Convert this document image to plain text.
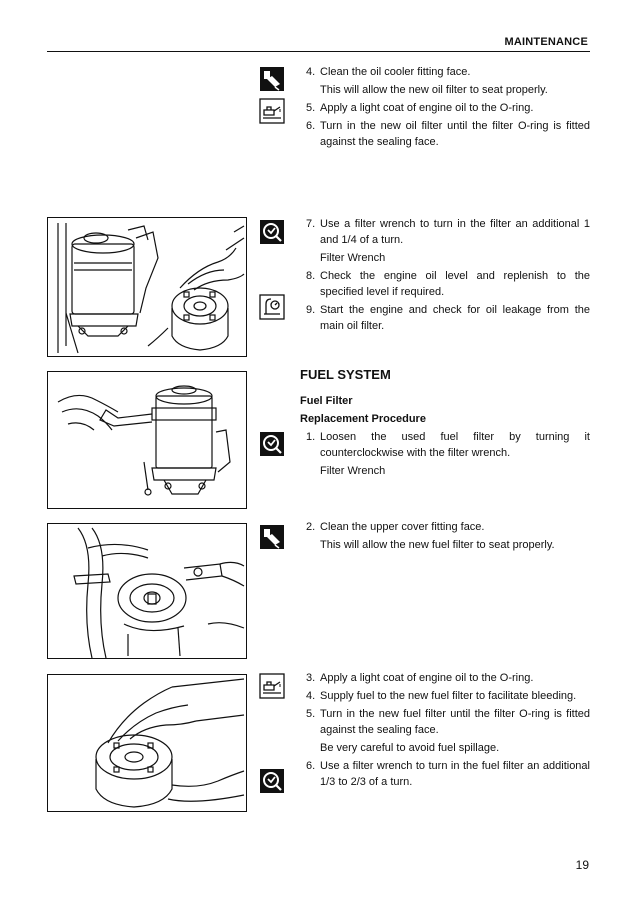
MAINTENANCE
4. Clean the oil cooler fitting face.
This will allow the new oil filter to seat properly.
5. Apply a light coat of engine oil to the O-ring.
6. Turn in the new oil filter until the filter O-ring is fitted against the sealing face.
7. Use a filter wrench to turn in the filter an additional 1 and 1/4 of a turn.
Filter Wrench
8. Check the engine oil level and replenish to the specified level if required.
9. Start the engine and check for oil leakage from the main oil filter.
FUEL SYSTEM
Fuel Filter
Replacement Procedure
1. Loosen the used fuel filter by turning it counterclockwise with the filter wrench.
Filter Wrench
2. Clean the upper cover fitting face.
This will allow the new fuel filter to seat properly.
3. Apply a light coat of engine oil to the O-ring.
4. Supply fuel to the new fuel filter to facilitate bleeding.
5. Turn in the new fuel filter until the filter O-ring is fitted against the sealing face.
Be very careful to avoid fuel spillage.
6. Use a filter wrench to turn in the fuel filter an additional 1/3 to 2/3 of a turn.
19
